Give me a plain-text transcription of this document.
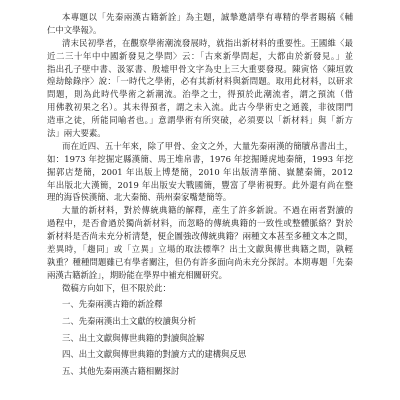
本專題以「先秦兩漢古籍新詮」為主題，誠摯邀請學有專精的學者賜稿《輔
仁中文學報》。
清末民初學者，在觀察學術潮流發展時，就指出新材料的重要性。王國維〈最
近二三十年中中國新發見之學問〉云：「古來新學問起，大都由於新發見。」並
指出孔子壁中書、汲冢書、殷墟甲骨文字為史上三大重要發現。陳寅恪〈陳垣敦
煌劫餘錄序〉說：「一時代之學術，必有其新材料與新問題。取用此材料，以研求
問題，則為此時代學術之新潮流。治學之士，得預於此潮流者，謂之預流（借
用佛教初果之名）。其未得預者，謂之未入流。此古今學術史之通義，非彼閉門
造車之徒，所能同喻者也。」意謂學術有所突破，必須要以「新材料」與「新方
法」兩大要素。
而在近四、五十年來，除了甲骨、金文之外，大量先秦兩漢的簡牘帛書出土，
如：1973 年挖掘定縣漢簡、馬王堆帛書，1976 年挖掘睡虎地秦簡，1993 年挖
掘郭店楚簡，2001 年出版上博楚簡，2010 年出版清華簡、嶽麓秦簡，2012
年出版北大漢簡，2019 年出版安大戰國簡，豐富了學術視野。此外還有尚在整
理的海昏侯漢簡、北大秦簡、荊州秦家嘴楚簡等。
大量的新材料，對於傳統典籍的解釋，產生了許多新說。不過在兩者對讀的
過程中，是否會過於獨尚新材料，而忽略的傳統典籍的一致性或整體脈絡？對於
新材料是否尚未充分析清楚，便企圖強改傳統典籍？兩種文本甚至多種文本之間，
差異時，「趨同」或「立異」立場的取法標準？出土文獻與傳世典籍之間，孰輕
孰重？種種問題雖已有學者關注，但仍有許多面向尚未充分探討。本期專題「先秦
兩漢古籍新詮」，期盼能在學界中補充相關研究。
徵稿方向如下，但不限於此：
一、先秦兩漢古籍的新詮釋
二、先秦兩漢出土文獻的校讀與分析
三、出土文獻與傳世典籍的對讀與詮解
四、出土文獻與傳世典籍的對讀方式的建構與反思
五、其他先秦兩漢古籍相關探討
